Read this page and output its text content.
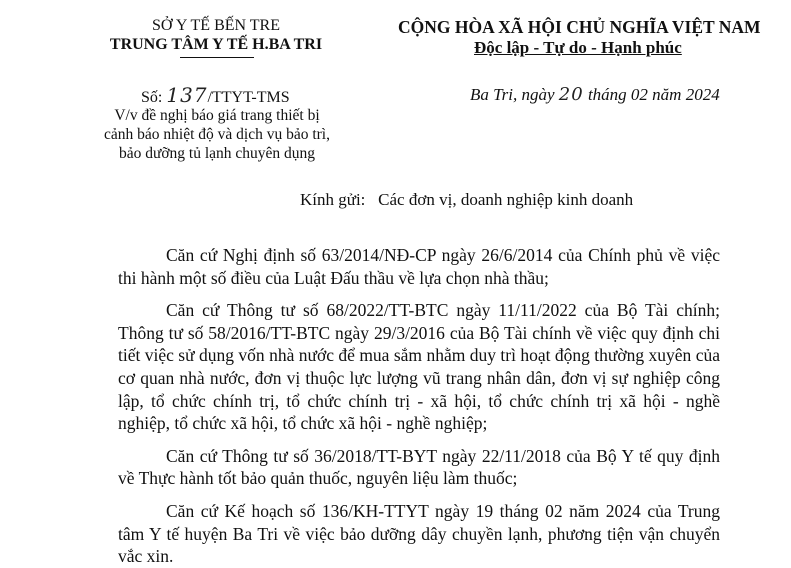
SỞ Y TẾ BẾN TRE
TRUNG TÂM Y TẾ H.BA TRI
CỘNG HÒA XÃ HỘI CHỦ NGHĨA VIỆT NAM
Độc lập - Tự do - Hạnh phúc
Số: 137/TTYT-TMS
V/v đề nghị báo giá trang thiết bị
cảnh báo nhiệt độ và dịch vụ bảo trì,
bảo dưỡng tủ lạnh chuyên dụng
Ba Tri, ngày 20 tháng 02 năm 2024
Kính gửi: Các đơn vị, doanh nghiệp kinh doanh

Căn cứ Nghị định số 63/2014/NĐ-CP ngày 26/6/2014 của Chính phủ về việc thi hành một số điều của Luật Đấu thầu về lựa chọn nhà thầu;

Căn cứ Thông tư số 68/2022/TT-BTC ngày 11/11/2022 của Bộ Tài chính; Thông tư số 58/2016/TT-BTC ngày 29/3/2016 của Bộ Tài chính về việc quy định chi tiết việc sử dụng vốn nhà nước để mua sắm nhằm duy trì hoạt động thường xuyên của cơ quan nhà nước, đơn vị thuộc lực lượng vũ trang nhân dân, đơn vị sự nghiệp công lập, tổ chức chính trị, tổ chức chính trị - xã hội, tổ chức chính trị xã hội - nghề nghiệp, tổ chức xã hội, tổ chức xã hội - nghề nghiệp;

Căn cứ Thông tư số 36/2018/TT-BYT ngày 22/11/2018 của Bộ Y tế quy định về Thực hành tốt bảo quản thuốc, nguyên liệu làm thuốc;

Căn cứ Kế hoạch số 136/KH-TTYT ngày 19 tháng 02 năm 2024 của Trung tâm Y tế huyện Ba Tri về việc bảo dưỡng dây chuyền lạnh, phương tiện vận chuyển vắc xin.
